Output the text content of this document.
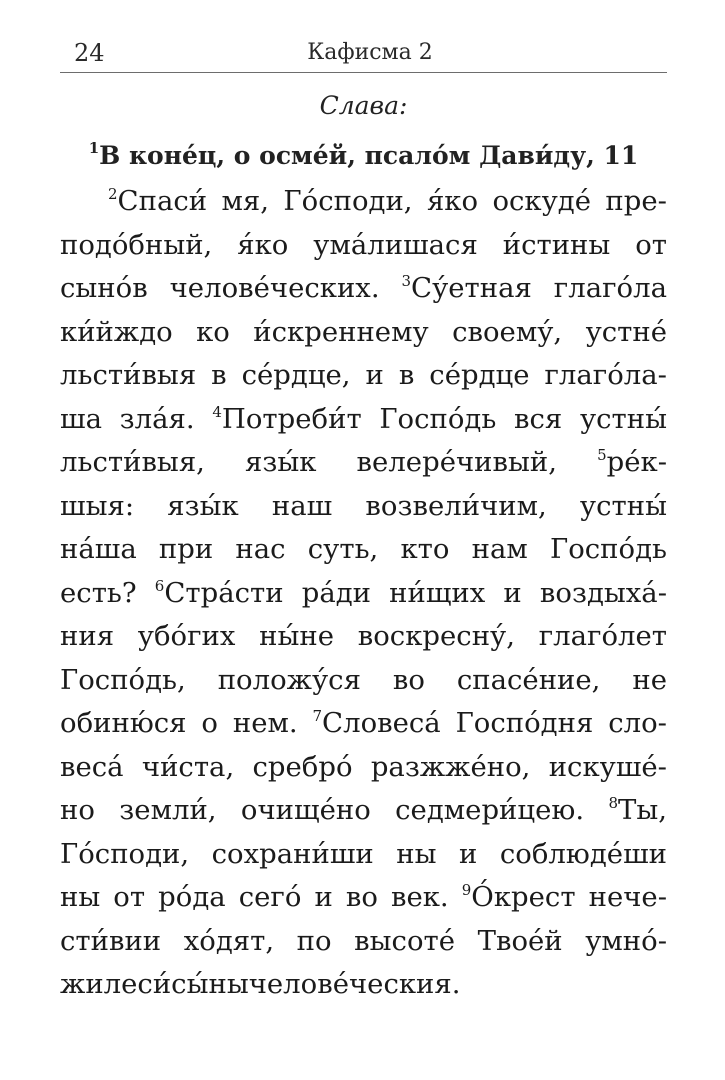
24	Кафисма 2
Слава:
$^1$В коне́ц, о осме́й, псало́м Дави́ду, 11
$^2$Спаси мя, Господи, яко оскуде пре-
подобный, яко умалишася истины от
сынов человеческих. $^3$Суетная глагола
кийждо ко искреннему своему, устне
льстивыя в сердце, и в сердце глагола-
ша злая. $^4$Потребит Господь вся устны
льстивыя, язык велеречивый,	$^5$рек-
шыя: язык наш возвеличим, устны
наша при нас суть, кто нам Господь
есть? $^6$Страсти ради нищих и воздыха-
ния убогих ныне воскресну, глаголет
Господь, положуся во спасение, не
обинюся о нем. $^7$Словеса Господня сло-
веса чиста, сребро разжжено, искуше-
но земли, очищено седмерицею. $^8$Ты,
Господи, сохраниши ны и соблюдеши
ны от рода сего и во век. $^9$Окрест нече-
стивии ходят, по высоте Твоей умно-
жил еси сыны человеческия.
